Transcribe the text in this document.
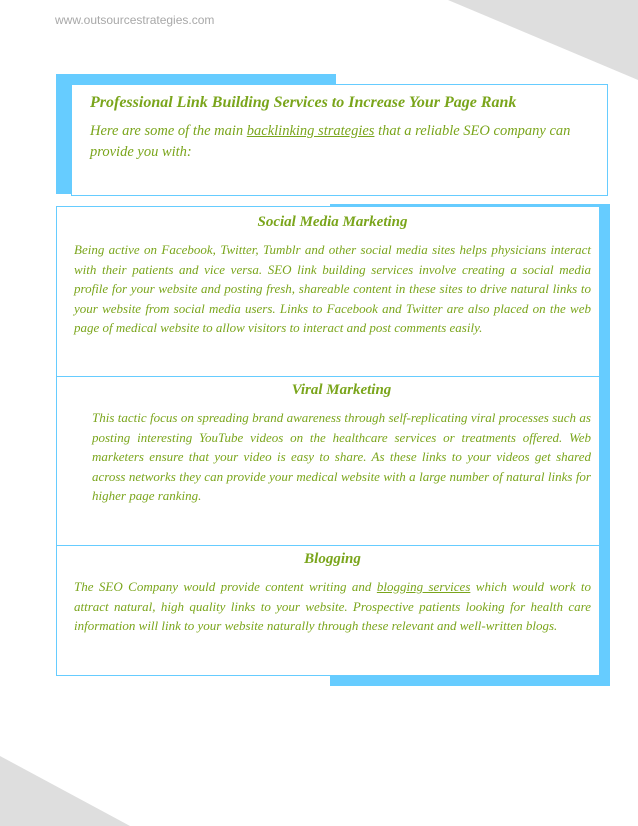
www.outsourcestrategies.com
Professional Link Building Services to Increase Your Page Rank
Here are some of the main backlinking strategies that a reliable SEO company can provide you with:
Social Media Marketing

Being active on Facebook, Twitter, Tumblr and other social media sites helps physicians interact with their patients and vice versa. SEO link building services involve creating a social media profile for your website and posting fresh, shareable content in these sites to drive natural links to your website from social media users. Links to Facebook and Twitter are also placed on the web page of medical website to allow visitors to interact and post comments easily.

Viral Marketing

This tactic focus on spreading brand awareness through self-replicating viral processes such as posting interesting YouTube videos on the healthcare services or treatments offered. Web marketers ensure that your video is easy to share. As these links to your videos get shared across networks they can provide your medical website with a large number of natural links for higher page ranking.

Blogging

The SEO Company would provide content writing and blogging services which would work to attract natural, high quality links to your website. Prospective patients looking for health care information will link to your website naturally through these relevant and well-written blogs.
